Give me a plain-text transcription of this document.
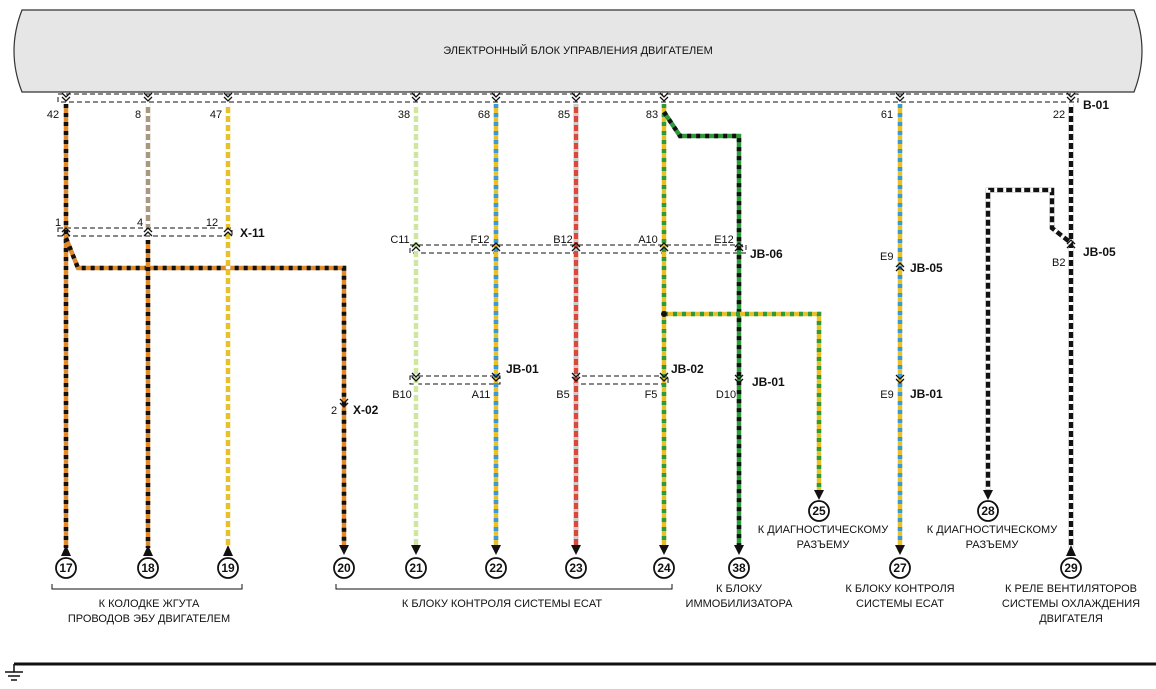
ЭЛЕКТРОННЫЙ БЛОК УПРАВЛЕНИЯ ДВИГАТЕЛЕМ
42	8	47	38	68	85	83	61	22
B-01
1	4	12
X-11	C11	F12	B12	A10	E12
JB-06	E9
JB-05	B2
JB-05
B10	A11	B5	F5	D10	E9
JB-01	JB-02
JB-01
JB-01
2 X-02
17	18	19	20	21	22	23	24	38
25
27
28
29
К КОЛОДКЕ ЖГУТА
ПРОВОДОВ ЭБУ ДВИГАТЕЛЕМ
К БЛОКУ КОНТРОЛЯ СИСТЕМЫ ECAT
К БЛОКУ
ИММОБИЛИЗАТОРА
К ДИАГНОСТИЧЕСКОМУ
РАЗЪЕМУ
К БЛОКУ КОНТРОЛЯ
СИСТЕМЫ ECAT
К ДИАГНОСТИЧЕСКОМУ
РАЗЪЕМУ
К РЕЛЕ ВЕНТИЛЯТОРОВ
СИСТЕМЫ ОХЛАЖДЕНИЯ
ДВИГАТЕЛЯ
